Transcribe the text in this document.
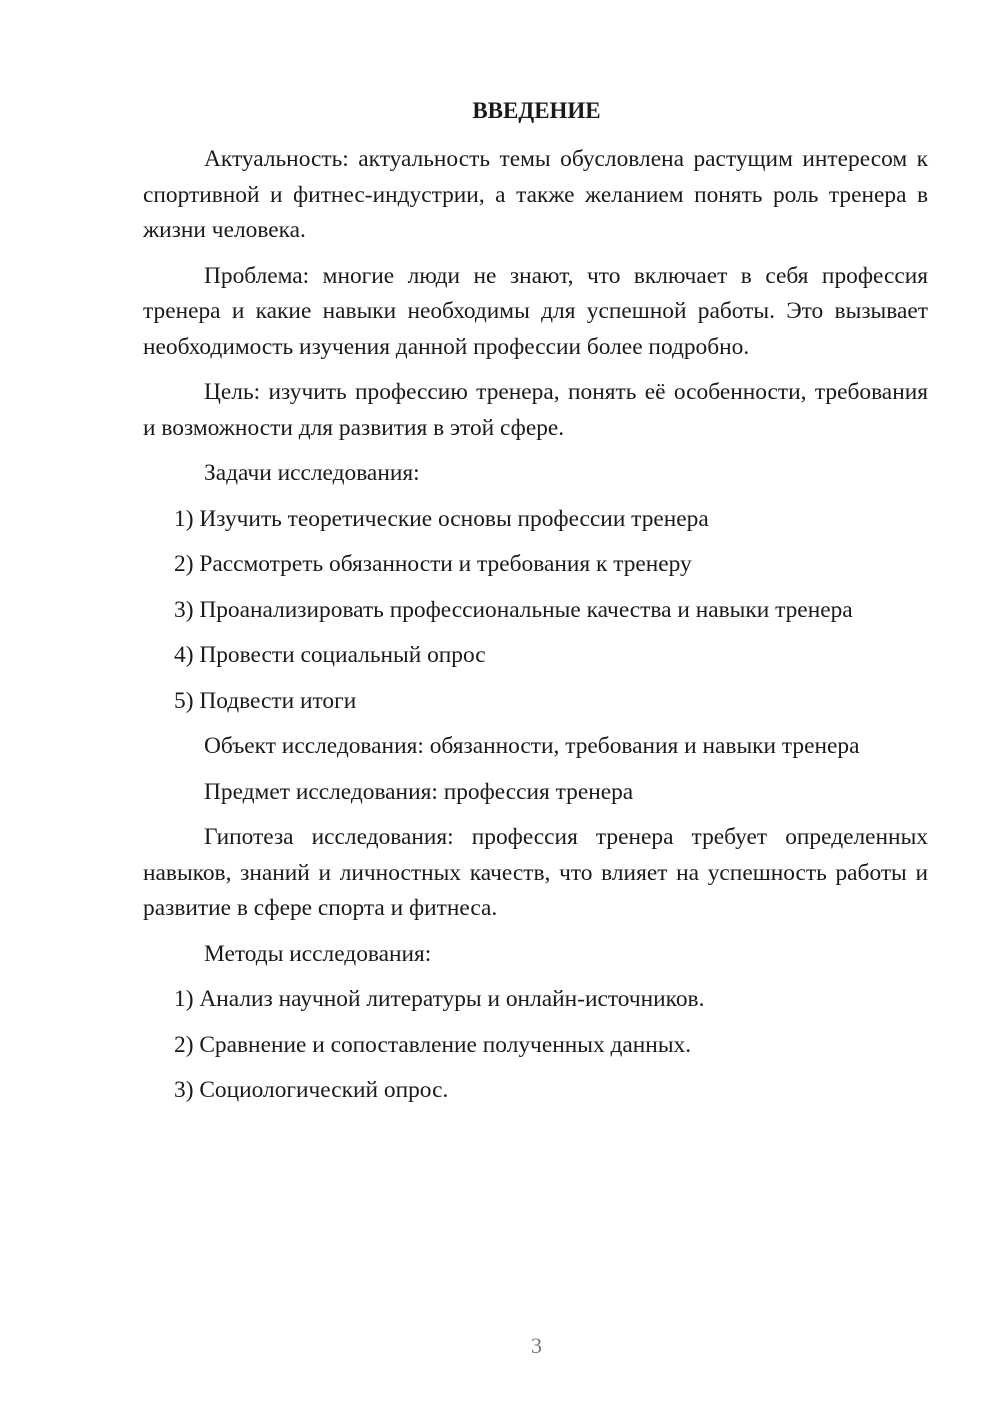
ВВЕДЕНИЕ

Актуальность: актуальность темы обусловлена растущим интересом к спортивной и фитнес-индустрии, а также желанием понять роль тренера в жизни человека.

Проблема: многие люди не знают, что включает в себя профессия тренера и какие навыки необходимы для успешной работы. Это вызывает необходимость изучения данной профессии более подробно.

Цель: изучить профессию тренера, понять её особенности, требования и возможности для развития в этой сфере.

Задачи исследования:

1) Изучить теоретические основы профессии тренера
2) Рассмотреть обязанности и требования к тренеру
3) Проанализировать профессиональные качества и навыки тренера
4) Провести социальный опрос
5) Подвести итоги

Объект исследования: обязанности, требования и навыки тренера

Предмет исследования: профессия тренера

Гипотеза исследования: профессия тренера требует определенных навыков, знаний и личностных качеств, что влияет на успешность работы и развитие в сфере спорта и фитнеса.

Методы исследования:

1) Анализ научной литературы и онлайн-источников.
2) Сравнение и сопоставление полученных данных.
3) Социологический опрос.
3
